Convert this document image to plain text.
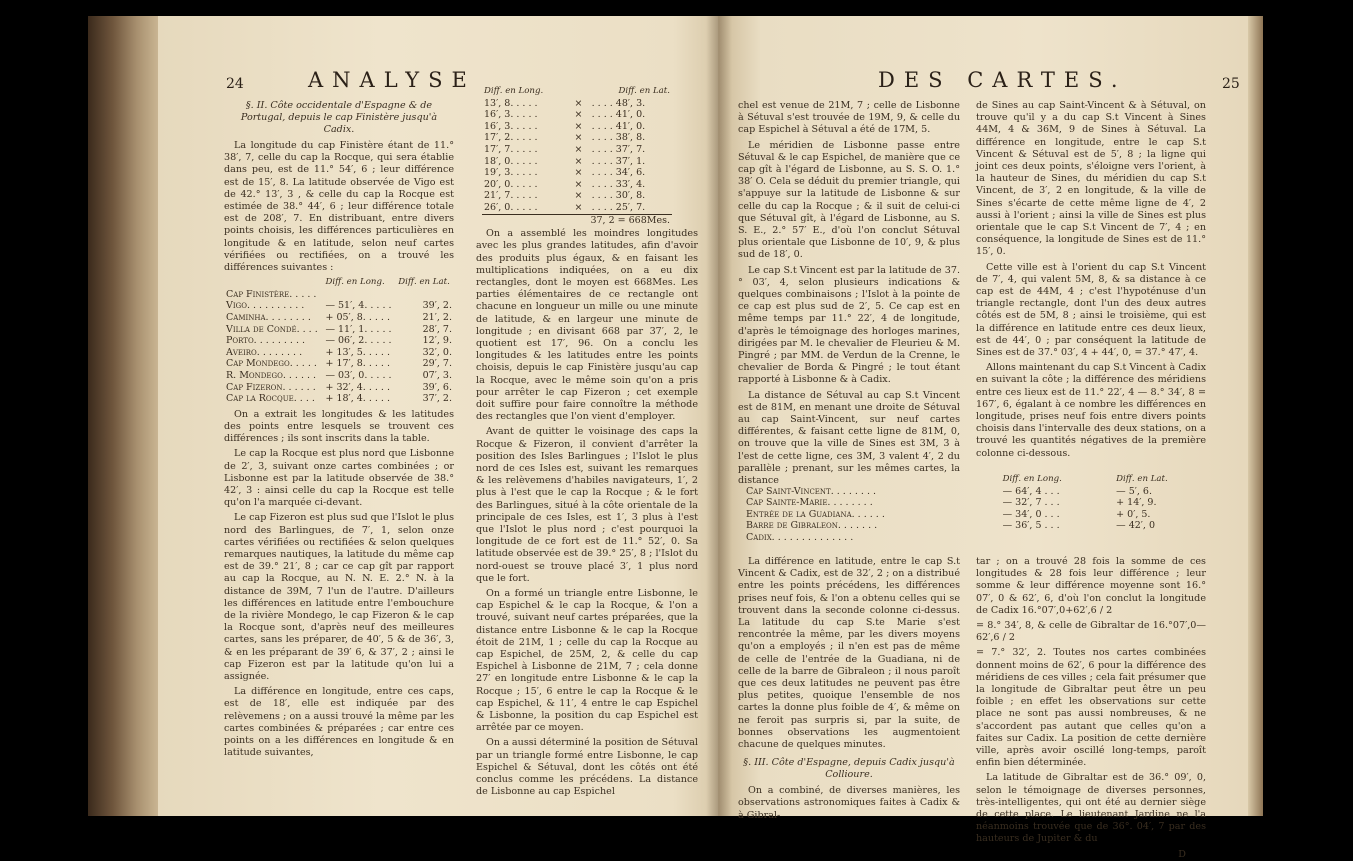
24	ANALYSE
§. II. Côte occidentale d'Espagne & de Portugal, depuis le cap Finistère jusqu'à Cadix.

La longitude du cap Finistère étant de 11.° 38′, 7, celle du cap la Rocque, qui sera établie dans peu, est de 11.° 54′, 6 ; leur différence est de 15′, 8. La latitude observée de Vigo est de 42.° 13′, 3 , & celle du cap la Rocque est estimée de 38.° 44′, 6 ; leur différence totale est de 208′, 7. En distribuant, entre divers points choisis, les différences particulières en longitude & en latitude, selon neuf cartes vérifiées ou rectifiées, on a trouvé les différences suivantes :

	Diff. en Long.	Diff. en Lat.
Cap Finistère. . . . .		
Vigo. . . . . . . . . .	— 51′, 4. . . . .	39′, 2.
Caminha. . . . . . . .	+ 05′, 8. . . . .	21′, 2.
Villa de Condé. . . .	— 11′, 1. . . . .	28′, 7.
Porto. . . . . . . . .	— 06′, 2. . . . .	12′, 9.
Aveiro. . . . . . . .	+ 13′, 5. . . . .	32′, 0.
Cap Mondego. . . . .	+ 17′, 8. . . . .	29′, 7.
R. Mondego. . . . . .	— 03′, 0. . . . .	07′, 3.
Cap Fizeron. . . . . .	+ 32′, 4. . . . .	39′, 6.
Cap la Rocque. . . .	+ 18′, 4. . . . .	37′, 2.

On a extrait les longitudes & les latitudes des points entre lesquels se trouvent ces différences ; ils sont inscrits dans la table.

Le cap la Rocque est plus nord que Lisbonne de 2′, 3, suivant onze cartes combinées ; or Lisbonne est par la latitude observée de 38.° 42′, 3 : ainsi celle du cap la Rocque est telle qu'on l'a marquée ci-devant.

Le cap Fizeron est plus sud que l'Islot le plus nord des Barlingues, de 7′, 1, selon onze cartes vérifiées ou rectifiées & selon quelques remarques nautiques, la latitude du même cap est de 39.° 21′, 8 ; car ce cap gît par rapport au cap la Rocque, au N. N. E. 2.° N. à la distance de 39M, 7 l'un de l'autre. D'ailleurs les différences en latitude entre l'embouchure de la rivière Mondego, le cap Fizeron & le cap la Rocque sont, d'après neuf des meilleures cartes, sans les préparer, de 40′, 5 & de 36′, 3, & en les préparant de 39′ 6, & 37′, 2 ; ainsi le cap Fizeron est par la latitude qu'on lui a assignée.

La différence en longitude, entre ces caps, est de 18′, elle est indiquée par des relèvemens ; on a aussi trouvé la même par les cartes combinées & préparées ; car entre ces points on a les différences en longitude & en latitude suivantes,

Diff. en Long.		Diff. en Lat.
13′, 8. . . . .	×	. . . . 48′, 3.
16′, 3. . . . .	×	. . . . 41′, 0.
16′, 3. . . . .	×	. . . . 41′, 0.
17′, 2. . . . .	×	. . . . 38′, 8.
17′, 7. . . . .	×	. . . . 37′, 7.
18′, 0. . . . .	×	. . . . 37′, 1.
19′, 3. . . . .	×	. . . . 34′, 6.
20′, 0. . . . .	×	. . . . 33′, 4.
21′, 7. . . . .	×	. . . . 30′, 8.
26′, 0. . . . .	×	. . . . 25′, 7.
37, 2 = 668Mes.		

On a assemblé les moindres longitudes avec les plus grandes latitudes, afin d'avoir des produits plus égaux, & en faisant les multiplications indiquées, on a eu dix rectangles, dont le moyen est 668Mes. Les parties élémentaires de ce rectangle ont chacune en longueur un mille ou une minute de latitude, & en largeur une minute de longitude ; en divisant 668 par 37′, 2, le quotient est 17′, 96. On a conclu les longitudes & les latitudes entre les points choisis, depuis le cap Finistère jusqu'au cap la Rocque, avec le même soin qu'on a pris pour arrêter le cap Fizeron ; cet exemple doit suffire pour faire connoître la méthode des rectangles que l'on vient d'employer.

Avant de quitter le voisinage des caps la Rocque & Fizeron, il convient d'arrêter la position des Isles Barlingues ; l'Islot le plus nord de ces Isles est, suivant les remarques & les relèvemens d'habiles navigateurs, 1′, 2 plus à l'est que le cap la Rocque ; & le fort des Barlingues, situé à la côte orientale de la principale de ces Isles, est 1′, 3 plus à l'est que l'Islot le plus nord ; c'est pourquoi la longitude de ce fort est de 11.° 52′, 0. Sa latitude observée est de 39.° 25′, 8 ; l'Islot du nord-ouest se trouve placé 3′, 1 plus nord que le fort.

On a formé un triangle entre Lisbonne, le cap Espichel & le cap la Rocque, & l'on a trouvé, suivant neuf cartes préparées, que la distance entre Lisbonne & le cap la Rocque étoit de 21M, 1 ; celle du cap la Rocque au cap Espichel, de 25M, 2, & celle du cap Espichel à Lisbonne de 21M, 7 ; cela donne 27′ en longitude entre Lisbonne & le cap la Rocque ; 15′, 6 entre le cap la Rocque & le cap Espichel, & 11′, 4 entre le cap Espichel & Lisbonne, la position du cap Espichel est arrêtée par ce moyen.

On a aussi déterminé la position de Sétuval par un triangle formé entre Lisbonne, le cap Espichel & Sétuval, dont les côtés ont été conclus comme les précédens. La distance de Lisbonne au cap Espichel

DES CARTES.	25

chel est venue de 21M, 7 ; celle de Lisbonne à Sétuval s'est trouvée de 19M, 9, & celle du cap Espichel à Sétuval a été de 17M, 5.

Le méridien de Lisbonne passe entre Sétuval & le cap Espichel, de manière que ce cap gît à l'égard de Lisbonne, au S. S. O. 1.° 38′ O. Cela se déduit du premier triangle, qui s'appuye sur la latitude de Lisbonne & sur celle du cap la Rocque ; & il suit de celui-ci que Sétuval gît, à l'égard de Lisbonne, au S. S. E., 2.° 57′ E., d'où l'on conclut Sétuval plus orientale que Lisbonne de 10′, 9, & plus sud de 18′, 0.

Le cap S.t Vincent est par la latitude de 37.° 03′, 4, selon plusieurs indications & quelques combinaisons ; l'Islot à la pointe de ce cap est plus sud de 2′, 5. Ce cap est en même temps par 11.° 22′, 4 de longitude, d'après le témoignage des horloges marines, dirigées par M. le chevalier de Fleurieu & M. Pingré ; par MM. de Verdun de la Crenne, le chevalier de Borda & Pingré ; le tout étant rapporté à Lisbonne & à Cadix.

La distance de Sétuval au cap S.t Vincent est de 81M, en menant une droite de Sétuval au cap Saint-Vincent, sur neuf cartes différentes, & faisant cette ligne de 81M, 0, on trouve que la ville de Sines est 3M, 3 à l'est de cette ligne, ces 3M, 3 valent 4′, 2 du parallèle ; prenant, sur les mêmes cartes, la distance

de Sines au cap Saint-Vincent & à Sétuval, on trouve qu'il y a du cap S.t Vincent à Sines 44M, 4 & 36M, 9 de Sines à Sétuval. La différence en longitude, entre le cap S.t Vincent & Sétuval est de 5′, 8 ; la ligne qui joint ces deux points, s'éloigne vers l'orient, à la hauteur de Sines, du méridien du cap S.t Vincent, de 3′, 2 en longitude, & la ville de Sines s'écarte de cette même ligne de 4′, 2 aussi à l'orient ; ainsi la ville de Sines est plus orientale que le cap S.t Vincent de 7′, 4 ; en conséquence, la longitude de Sines est de 11.° 15′, 0.

Cette ville est à l'orient du cap S.t Vincent de 7′, 4, qui valent 5M, 8, & sa distance à ce cap est de 44M, 4 ; c'est l'hypoténuse d'un triangle rectangle, dont l'un des deux autres côtés est de 5M, 8 ; ainsi le troisième, qui est la différence en latitude entre ces deux lieux, est de 44′, 0 ; par conséquent la latitude de Sines est de 37.° 03′, 4 + 44′, 0, = 37.° 47′, 4.

Allons maintenant du cap S.t Vincent à Cadix en suivant la côte ; la différence des méridiens entre ces lieux est de 11.° 22′, 4 — 8.° 34′, 8 = 167′, 6, égalant à ce nombre les différences en longitude, prises neuf fois entre divers points choisis dans l'intervalle des deux stations, on a trouvé les quantités négatives de la première colonne ci-dessous.

	Diff. en Long.	Diff. en Lat.
Cap Saint-Vincent. . . . . . . .	— 64′, 4 . . .	— 5′, 6.
Cap Sainte-Marie. . . . . . . .	— 32′, 7 . . .	+ 14′, 9.
Entrée de la Guadiana. . . . . .	— 34′, 0 . . .	+ 0′, 5.
Barre de Gibraleon. . . . . . .	— 36′, 5 . . .	— 42′, 0
Cadix. . . . . . . . . . . . . .		

La différence en latitude, entre le cap S.t Vincent & Cadix, est de 32′, 2 ; on a distribué entre les points précédens, les différences prises neuf fois, & l'on a obtenu celles qui se trouvent dans la seconde colonne ci-dessus. La latitude du cap S.te Marie s'est rencontrée la même, par les divers moyens qu'on a employés ; il n'en est pas de même de celle de l'entrée de la Guadiana, ni de celle de la barre de Gibraleon ; il nous paroît que ces deux latitudes ne peuvent pas être plus petites, quoique l'ensemble de nos cartes la donne plus foible de 4′, & même on ne feroit pas surpris si, par la suite, de bonnes observations les augmentoient chacune de quelques minutes.

§. III. Côte d'Espagne, depuis Cadix jusqu'à Collioure.

On a combiné, de diverses manières, les observations astronomiques faites à Cadix & à Gibral-

tar ; on a trouvé 28 fois la somme de ces longitudes & 28 fois leur différence ; leur somme & leur différence moyenne sont 16.° 07′, 0 & 62′, 6, d'où l'on conclut la longitude de Cadix 16.°07′,0+62′,6 / 2

= 8.° 34′, 8, & celle de Gibraltar de 16.°07′,0—62′,6 / 2

= 7.° 32′, 2. Toutes nos cartes combinées donnent moins de 62′, 6 pour la différence des méridiens de ces villes ; cela fait présumer que la longitude de Gibraltar peut être un peu foible ; en effet les observations sur cette place ne sont pas aussi nombreuses, & ne s'accordent pas autant que celles qu'on a faites sur Cadix. La position de cette dernière ville, après avoir oscillé long-temps, paroît enfin bien déterminée.

La latitude de Gibraltar est de 36.° 09′, 0, selon le témoignage de diverses personnes, très-intelligentes, qui ont été au dernier siège de cette place. Le lieutenant Jardine ne l'a néanmoins trouvée que de 36°. 04′, 7 par des hauteurs de Jupiter & du

D
